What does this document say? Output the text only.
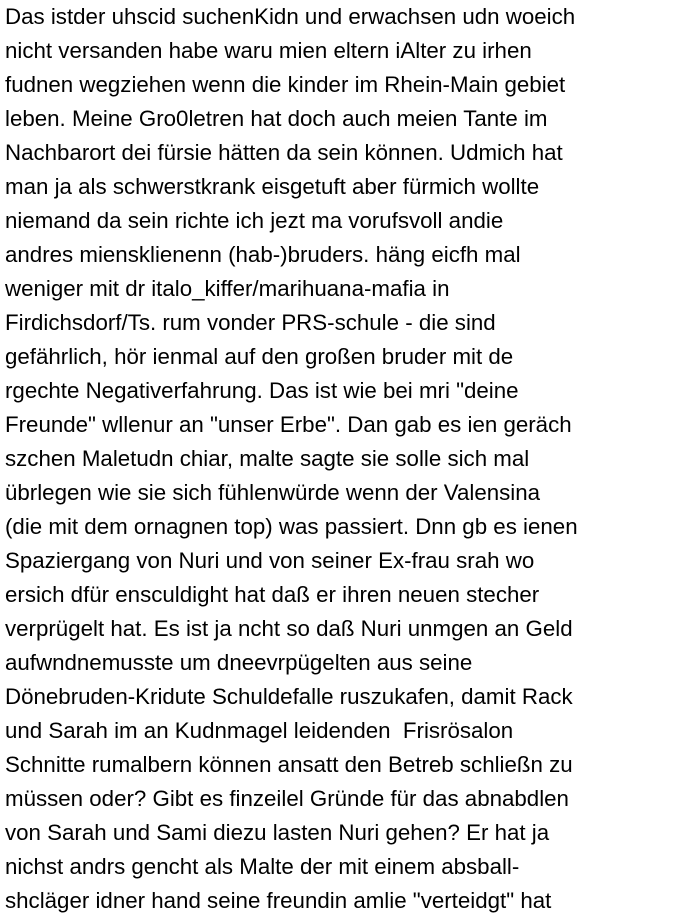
Das istder uhscid suchenKidn und erwachsen udn woeich
nicht versanden habe waru mien eltern iAlter zu irhen
fudnen wegziehen wenn die kinder im Rhein-Main gebiet
leben. Meine Gro0letren hat doch auch meien Tante im
Nachbarort dei fürsie hätten da sein können. Udmich hat
man ja als schwerstkrank eisgetuft aber fürmich wollte
niemand da sein richte ich jezt ma vorufsvoll andie
andres miensklienenn (hab-)bruders. häng eicfh mal
weniger mit dr italo_kiffer/marihuana-mafia in
Firdichsdorf/Ts. rum vonder PRS-schule - die sind
gefährlich, hör ienmal auf den großen bruder mit de
rgechte Negativerfahrung. Das ist wie bei mri "deine
Freunde" wllenur an "unser Erbe". Dan gab es ien geräch
szchen Maletudn chiar, malte sagte sie solle sich mal
übrlegen wie sie sich fühlenwürde wenn der Valensina
(die mit dem ornagnen top) was passiert. Dnn gb es ienen
Spaziergang von Nuri und von seiner Ex-frau srah wo
ersich dfür ensculdight hat daß er ihren neuen stecher
verprügelt hat. Es ist ja ncht so daß Nuri unmgen an Geld
aufwndnemusste um dneevrpügelten aus seine
Dönebruden-Kridute Schuldefalle ruszukafen, damit Rack
und Sarah im an Kudnmagel leidenden  Frisrösalon
Schnitte rumalbern können ansatt den Betreb schließn zu
müssen oder? Gibt es finzeilel Gründe für das abnabdlen
von Sarah und Sami diezu lasten Nuri gehen? Er hat ja
nichst andrs gencht als Malte der mit einem absball-
shcläger idner hand seine freundin amlie "verteidgt" hat
